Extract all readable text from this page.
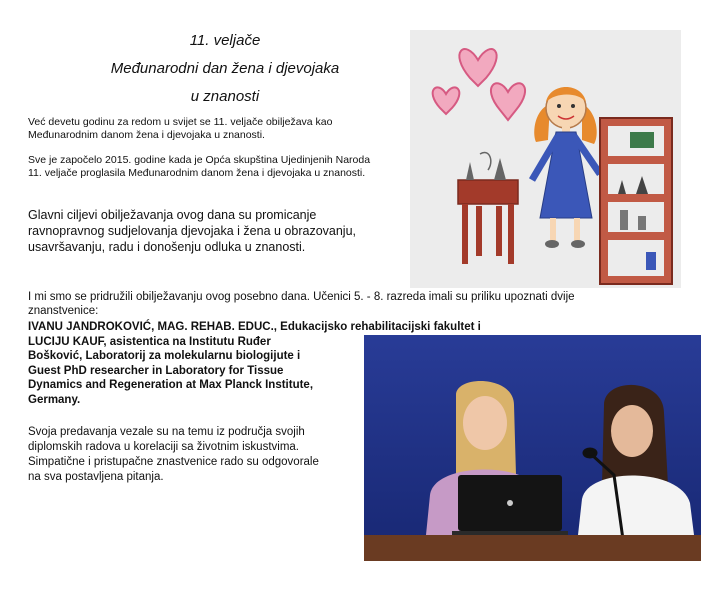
11. veljače
Međunarodni dan žena i djevojaka
u znanosti
Već devetu godinu za redom u svijet se 11. veljače obilježava kao
Međunarodnim danom žena i djevojaka u znanosti.
Sve je započelo 2015. godine kada je Opća skupština Ujedinjenih Naroda
11. veljače proglasila Međunarodnim danom žena i djevojaka u znanosti.
Glavni ciljevi obilježavanja ovog dana su promicanje
ravnopravnog sudjelovanja djevojaka i žena u obrazovanju,
usavršavanju, radu i donošenju odluka u znanosti.
I mi smo se pridružili obilježavanju ovog posebno dana. Učenici 5. - 8. razreda imali su priliku upoznati dvije
znanstvenice:
IVANU JANDROKOVIĆ, MAG. REHAB. EDUC., Edukacijsko rehabilitacijski fakultet i
LUCIJU KAUF, asistentica na Institutu Ruđer
Bošković, Laboratorij za molekularnu biologijute i
Guest PhD researcher in Laboratory for Tissue
Dynamics and Regeneration at Max Planck Institute,
Germany.
Svoja predavanja vezale su na temu iz područja svojih
diplomskih radova u korelaciji sa životnim iskustvima.
Simpatične i pristupačne znastvenice rado su odgovorale
na sva postavljena pitanja.
